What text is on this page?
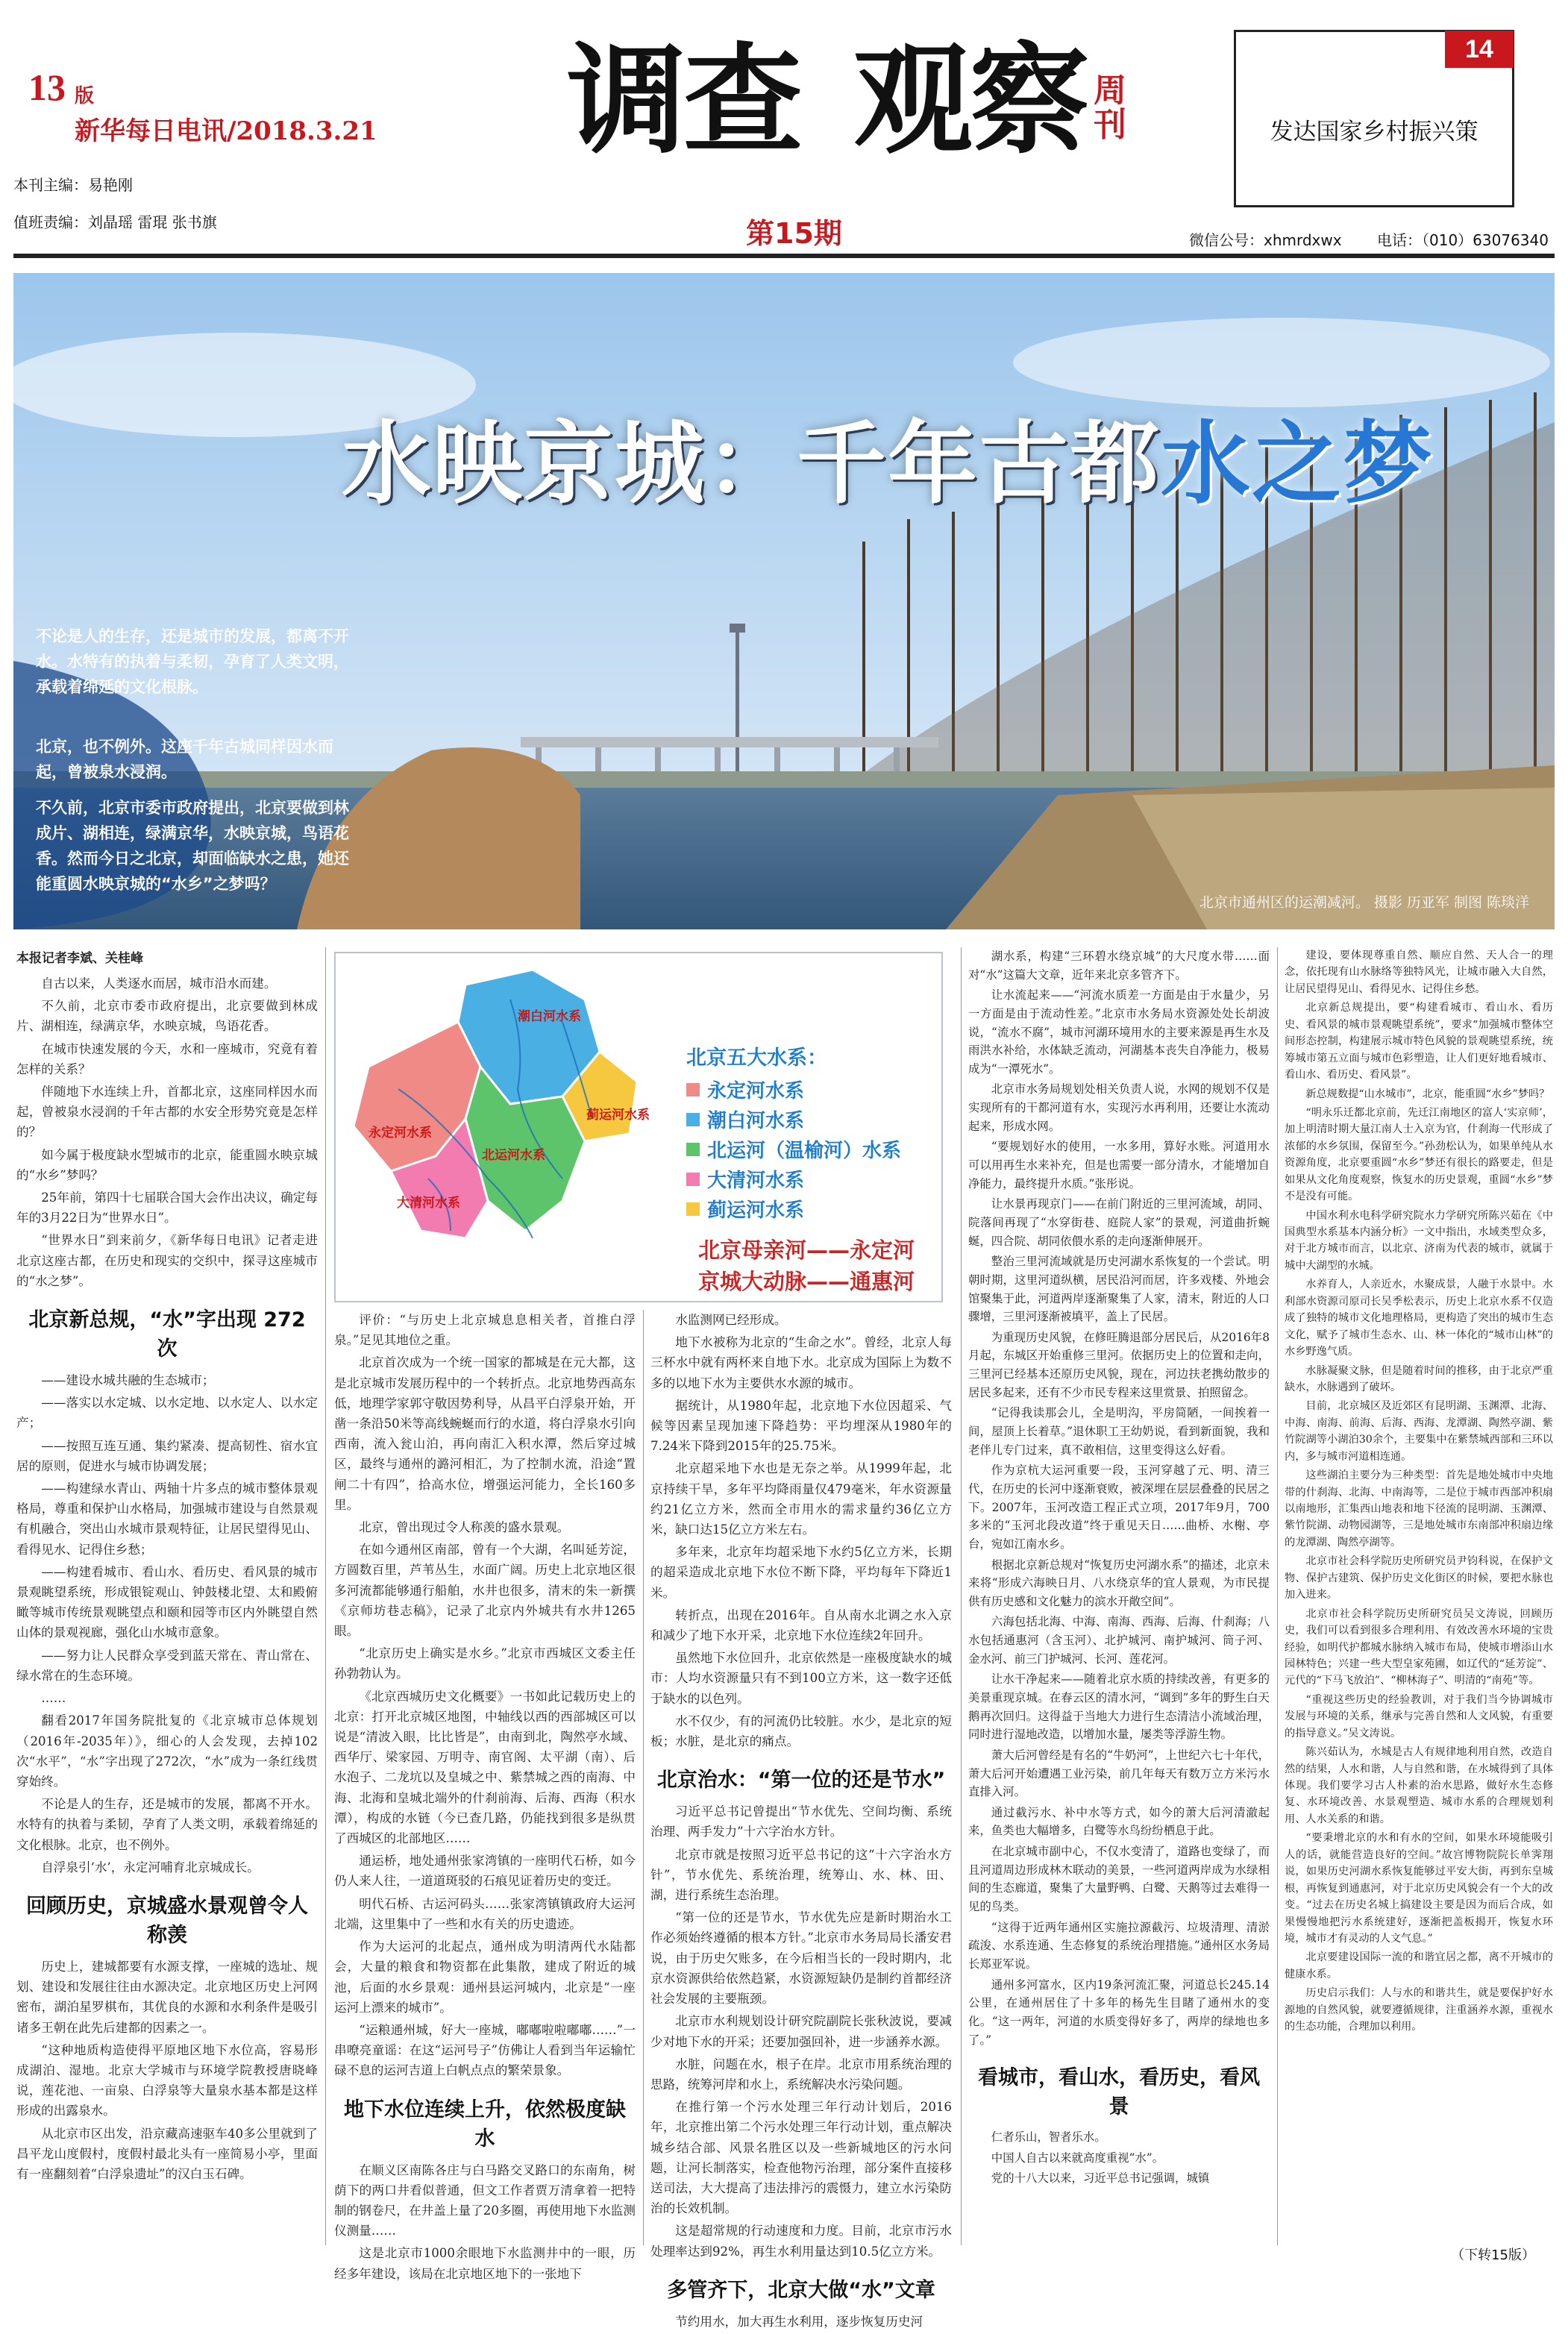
13 版
新华每日电讯/2018.3.21 调查 观察 周
刊
14
发达国家乡村振兴策
本刊主编：易艳刚
值班责编：刘晶瑶 雷琨 张书旗	第15期	微信公号：xhmrdxwx 电话：（010）63076340
水映京城：千年古都水之梦
不论是人的生存，还是城市的发展，都离不开水。水特有的执着与柔韧，孕育了人类文明，承载着绵延的文化根脉。
北京，也不例外。这座千年古城同样因水而起，曾被泉水浸润。
不久前，北京市委市政府提出，北京要做到林成片、湖相连，绿满京华，水映京城，鸟语花香。然而今日之北京，却面临缺水之患，她还能重圆水映京城的“水乡”之梦吗？
北京市通州区的运潮减河。 摄影 历亚军 制图 陈琰洋

本报记者李斌、关桂峰

自古以来，人类逐水而居，城市沿水而建。

不久前，北京市委市政府提出，北京要做到林成片、湖相连，绿满京华，水映京城，鸟语花香。

在城市快速发展的今天，水和一座城市，究竟有着怎样的关系？

伴随地下水连续上升，首都北京，这座同样因水而起，曾被泉水浸润的千年古都的水安全形势究竟是怎样的？

如今属于极度缺水型城市的北京，能重圆水映京城的“水乡”梦吗？

25年前，第四十七届联合国大会作出决议，确定每年的3月22日为“世界水日”。

“世界水日”到来前夕，《新华每日电讯》记者走进北京这座古都，在历史和现实的交织中，探寻这座城市的“水之梦”。

北京新总规，“水”字出现 272 次

——建设水城共融的生态城市；

——落实以水定城、以水定地、以水定人、以水定产；

——按照互连互通、集约紧凑、提高韧性、宿水宜居的原则，促进水与城市协调发展；

——构建绿水青山、两轴十片多点的城市整体景观格局，尊重和保护山水格局，加强城市建设与自然景观有机融合，突出山水城市景观特征，让居民望得见山、看得见水、记得住乡愁；

——构建看城市、看山水、看历史、看风景的城市景观眺望系统，形成银锭观山、钟鼓楼北望、太和殿俯瞰等城市传统景观眺望点和颐和园等市区内外眺望自然山体的景观视廊，强化山水城市意象。

——努力让人民群众享受到蓝天常在、青山常在、绿水常在的生态环境。

……

翻看2017年国务院批复的《北京城市总体规划（2016年-2035年）》，细心的人会发现，去掉102次“水平”，“水”字出现了272次，“水”成为一条红线贯穿始终。

不论是人的生存，还是城市的发展，都离不开水。水特有的执着与柔韧，孕育了人类文明，承载着绵延的文化根脉。北京，也不例外。

自浮泉引‘水’，永定河哺育北京城成长。

回顾历史，京城盛水景观曾令人称羡

历史上，建城都要有水源支撑，一座城的选址、规划、建设和发展往往由水源决定。北京地区历史上河网密布，湖泊星罗棋布，其优良的水源和水利条件是吸引诸多王朝在此先后建都的因素之一。

“这种地质构造使得平原地区地下水位高，容易形成湖泊、湿地。北京大学城市与环境学院教授唐晓峰说，莲花池、一亩泉、白浮泉等大量泉水基本都是这样形成的出露泉水。

从北京市区出发，沿京藏高速驱车40多公里就到了昌平龙山度假村，度假村最北头有一座简易小亭，里面有一座翻刻着“白浮泉遗址”的汉白玉石碑。

潮白河水系
蓟运河水系
永定河水系
北运河水系
大清河水系
北京五大水系：
永定河水系
潮白河水系
北运河（温榆河）水系
大清河水系
蓟运河水系
北京母亲河——永定河
京城大动脉——通惠河

评价：“与历史上北京城息息相关者，首推白浮泉。”足见其地位之重。

北京首次成为一个统一国家的都城是在元大都，这是北京城市发展历程中的一个转折点。北京地势西高东低，地理学家郭守敬因势利导，从昌平白浮泉开始，开凿一条沿50米等高线蜿蜒而行的水道，将白浮泉水引向西南，流入瓮山泊，再向南汇入积水潭，然后穿过城区，最终与通州的潞河相汇，为了控制水流，沿途“置闸二十有四”，拾高水位，增强运河能力，全长160多里。

北京，曾出现过令人称羡的盛水景观。

在如今通州区南部，曾有一个大湖，名叫延芳淀，方圆数百里，芦苇丛生，水面广阔。历史上北京地区很多河流都能够通行船舶，水井也很多，清末的朱一新撰《京师坊巷志稿》，记录了北京内外城共有水井1265眼。

“北京历史上确实是水乡。”北京市西城区文委主任孙勃勃认为。

《北京西城历史文化概要》一书如此记载历史上的北京：打开北京城区地图，中轴线以西的西部城区可以说是“清波入眼，比比皆是”，由南到北，陶然亭水域、西华厅、梁家园、万明寺、南官阁、太平湖（南）、后水泡子、二龙坑以及皇城之中、紫禁城之西的南海、中海、北海和皇城北端外的什刹前海、后海、西海（积水潭），构成的水链（今已查几路，仍能找到很多是纵贯了西城区的北部地区……

通运桥，地处通州张家湾镇的一座明代石桥，如今仍人来人往，一道道斑驳的石痕见证着历史的变迁。

明代石桥、古运河码头……张家湾镇镇政府大运河北端，这里集中了一些和水有关的历史遗迹。

作为大运河的北起点，通州成为明清两代水陆都会，大量的粮食和物资都在此集散，建成了附近的城池，后面的水乡景观：通州县运河城内，北京是“一座运河上漂来的城市”。

“运粮通州城，好大一座城，嘟嘟啦啦嘟嘟……”一串嘹亮童谣：在这“运河号子”仿佛让人看到当年运输忙碌不息的运河吉道上白帆点点的繁荣景象。

地下水位连续上升，依然极度缺水

在顺义区南陈各庄与白马路交叉路口的东南角，树荫下的两口井看似普通，但文工作者贾万清拿着一把特制的钢卷尺，在井盖上量了20多圈，再使用地下水监测仪测量……

这是北京市1000余眼地下水监测井中的一眼，历经多年建设，该局在北京地区地下的一张地下

水监测网已经形成。

地下水被称为北京的“生命之水”。曾经，北京人每三杯水中就有两杯来自地下水。北京成为国际上为数不多的以地下水为主要供水水源的城市。

据统计，从1980年起，北京地下水位因超采、气候等因素呈现加速下降趋势：平均埋深从1980年的7.24米下降到2015年的25.75米。

北京超采地下水也是无奈之举。从1999年起，北京持续干旱，多年平均降雨量仅479毫米，年水资源量约21亿立方米，然而全市用水的需求量约36亿立方米，缺口达15亿立方米左右。

多年来，北京年均超采地下水约5亿立方米，长期的超采造成北京地下水位不断下降，平均每年下降近1米。

转折点，出现在2016年。自从南水北调之水入京和减少了地下水开采，北京地下水位连续2年回升。

虽然地下水位回升，北京依然是一座极度缺水的城市：人均水资源量只有不到100立方米，这一数字还低于缺水的以色列。

水不仅少，有的河流仍比较脏。水少，是北京的短板；水脏，是北京的痛点。

北京治水：“第一位的还是节水”

习近平总书记曾提出“节水优先、空间均衡、系统治理、两手发力”十六字治水方针。

北京市就是按照习近平总书记的这“十六字治水方针”，节水优先、系统治理，统筹山、水、林、田、湖，进行系统生态治理。

“第一位的还是节水，节水优先应是新时期治水工作必须始终遵循的根本方针。”北京市水务局局长潘安君说，由于历史欠账多，在今后相当长的一段时期内，北京水资源供给依然趋紧，水资源短缺仍是制约首都经济社会发展的主要瓶颈。

北京市水利规划设计研究院副院长张秋波说，要减少对地下水的开采；还要加强回补，进一步涵养水源。

水脏，问题在水，根子在岸。北京市用系统治理的思路，统筹河岸和水上，系统解决水污染问题。

在推行第一个污水处理三年行动计划后，2016年，北京推出第二个污水处理三年行动计划，重点解决城乡结合部、风景名胜区以及一些新城地区的污水问题，让河长制落实，检查他物污治理，部分案件直接移送司法，大大提高了违法排污的震慑力，建立水污染防治的长效机制。

这是超常规的行动速度和力度。目前，北京市污水处理率达到92%，再生水利用量达到10.5亿立方米。

多管齐下，北京大做“水”文章

节约用水，加大再生水利用，逐步恢复历史河

湖水系，构建“三环碧水绕京城”的大尺度水带……面对“水”这篇大文章，近年来北京多管齐下。

让水流起来——“河流水质差一方面是由于水量少，另一方面是由于流动性差。”北京市水务局水资源处处长胡波说，“流水不腐”，城市河湖环境用水的主要来源是再生水及雨洪水补给，水体缺乏流动，河湖基本丧失自净能力，极易成为“一潭死水”。

北京市水务局规划处相关负责人说，水网的规划不仅是实现所有的干都河道有水，实现污水再利用，还要让水流动起来，形成水网。

“要规划好水的使用，一水多用，算好水账。河道用水可以用再生水来补充，但是也需要一部分清水，才能增加自净能力，最终提升水质。”张彤说。

让水景再现京门——在前门附近的三里河流域，胡同、院落间再现了“水穿街巷、庭院人家”的景观，河道曲折蜿蜒，四合院、胡同依偎水系的走向逐渐伸展开。

整治三里河流域就是历史河湖水系恢复的一个尝试。明朝时期，这里河道纵横，居民沿河而居，许多戏楼、外地会馆聚集于此，河道两岸逐渐聚集了人家，清末，附近的人口骤增，三里河逐渐被填平，盖上了民居。

为重现历史风貌，在修旺腾退部分居民后，从2016年8月起，东城区开始重修三里河。依据历史上的位置和走向，三里河已经基本还原历史风貌，现在，河边扶老携幼散步的居民多起来，还有不少市民专程来这里赏景、拍照留念。

“记得我读那会儿，全是明沟，平房简陋，一间挨着一间，屋顶上长着草。”退休职工王幼奶说，看到新面貌，我和老伴儿专门过来，真不敢相信，这里变得这么好看。

作为京杭大运河重要一段，玉河穿越了元、明、清三代，在历史的长河中逐渐衰败，被深埋在层层叠叠的民居之下。2007年，玉河改造工程正式立项，2017年9月，700多米的“玉河北段改道”终于重见天日……曲桥、水榭、亭台，宛如江南水乡。

根据北京新总规对“恢复历史河湖水系”的描述，北京未来将“形成六海映日月、八水绕京华的宜人景观，为市民提供有历史感和文化魅力的滨水开敞空间”。

六海包括北海、中海、南海、西海、后海、什刹海；八水包括通惠河（含玉河）、北护城河、南护城河、筒子河、金水河、前三门护城河、长河、莲花河。

让水干净起来——随着北京水质的持续改善，有更多的美景重现京城。在春云区的清水河，“调到”多年的野生白天鹅再次回归。这得益于当地大力进行生态清洁小流域治理，同时进行湿地改造，以增加水量，屡类等浮游生物。

萧大后河曾经是有名的“牛奶河”，上世纪六七十年代，萧大后河开始遭遇工业污染，前几年每天有数万立方米污水直排入河。

通过截污水、补中水等方式，如今的萧大后河清澈起来，鱼类也大幅增多，白鹭等水鸟纷纷栖息于此。

在北京城市副中心，不仅水变清了，道路也变绿了，而且河道周边形成林木联动的美景，一些河道两岸成为水绿相间的生态廊道，聚集了大量野鸭、白鹭、天鹅等过去难得一见的鸟类。

“这得于近两年通州区实施拉源截污、垃圾清理、清淤疏浚、水系连通、生态修复的系统治理措施。”通州区水务局长郑亚军说。

通州多河富水，区内19条河流汇聚，河道总长245.14公里，在通州居住了十多年的杨先生目睹了通州水的变化。“这一两年，河道的水质变得好多了，两岸的绿地也多了。”

看城市，看山水，看历史，看风景

仁者乐山，智者乐水。

中国人自古以来就高度重视“水”。

党的十八大以来，习近平总书记强调，城镇

建设，要体现尊重自然、顺应自然、天人合一的理念，依托现有山水脉络等独特风光，让城市融入大自然，让居民望得见山、看得见水、记得住乡愁。

北京新总规提出，要“构建看城市、看山水、看历史、看风景的城市景观眺望系统”，要求“加强城市整体空间形态控制，构建展示城市特色风貌的景观眺望系统，统筹城市第五立面与城市色彩塑造，让人们更好地看城市、看山水、看历史、看风景”。

新总规数提“山水城市”，北京，能重圆“水乡”梦吗？

“明永乐迁都北京前，先迁江南地区的富人‘实京师’，加上明清时期大量江南人士入京为官，什刹海一代形成了浓郁的水乡氛围，保留至今。”孙劲松认为，如果单纯从水资源角度，北京要重圆“水乡”梦还有很长的路要走，但是如果从文化角度观察，恢复水的历史景观，重圆“水乡”梦不是没有可能。

中国水利水电科学研究院水力学研究所陈兴茹在《中国典型水系基本内涵分析》一文中指出，水域类型众多，对于北方城市而言，以北京、济南为代表的城市，就属于城中大湖型的水城。

水养育人，人亲近水，水聚成景，人融于水景中。水利部水资源司原司长吴季松表示，历史上北京水系不仅造成了独特的城市文化地理格局，更构造了突出的城市生态文化，赋予了城市生态水、山、林一体化的“城市山林”的水乡野逸气质。

水脉凝聚文脉，但是随着时间的推移，由于北京严重缺水，水脉遇到了破坏。

目前，北京城区及近郊区有昆明湖、玉渊潭、北海、中海、南海、前海、后海、西海、龙潭湖、陶然亭湖、紫竹院湖等小湖泊30余个，主要集中在紫禁城西部和三环以内，多与城市河道相连通。

这些湖泊主要分为三种类型：首先是地处城市中央地带的什刹海、北海、中南海等，二是位于城市西部冲积扇以南地形，汇集西山地表和地下径流的昆明湖、玉渊潭、紫竹院湖、动物园湖等，三是地处城市东南部冲积扇边缘的龙潭湖、陶然亭湖等。

北京市社会科学院历史所研究员尹钧科说，在保护文物、保护古建筑、保护历史文化街区的时候，要把水脉也加入进来。

北京市社会科学院历史所研究员吴文涛说，回顾历史，我们可以看到很多合理利用、有效改善水环境的宝贵经验，如明代护都城水脉纳入城市布局，使城市增添山水园林特色；兴建一些大型皇家苑圃，如辽代的“延芳淀”、元代的“下马飞放泊”、“柳林海子”、明清的“南苑”等。

“重视这些历史的经验教训，对于我们当今协调城市发展与环境的关系，继承与完善自然和人文风貌，有重要的指导意义。”吴文涛说。

陈兴茹认为，水城是古人有规律地利用自然，改造自然的结果，人水和谐，人与自然和谐，在水城得到了具体体现。我们要学习古人朴素的治水思路，做好水生态修复、水环境改善、水景观塑造、城市水系的合理规划利用、人水关系的和谐。

“要秉增北京的水和有水的空间，如果水环境能吸引人的话，就能营造良好的空间。”故宫博物院院长单霁翔说，如果历史河湖水系恢复能够过平安大街，再到东皇城根，再恢复到通惠河，对于北京历史风貌会有一个大的改变。“过去在历史名城上搞建设主要是因为而后合成，如果慢慢地把污水系统建好，逐渐把盖板揭开，恢复水环境，城市才有灵动的人文气息。”

北京要建设国际一流的和谐宜居之都，离不开城市的健康水系。

历史启示我们：人与水的和谐共生，就是要保护好水源地的自然风貌，就要遵循规律，注重涵养水源，重视水的生态功能，合理加以利用。

（下转15版）
